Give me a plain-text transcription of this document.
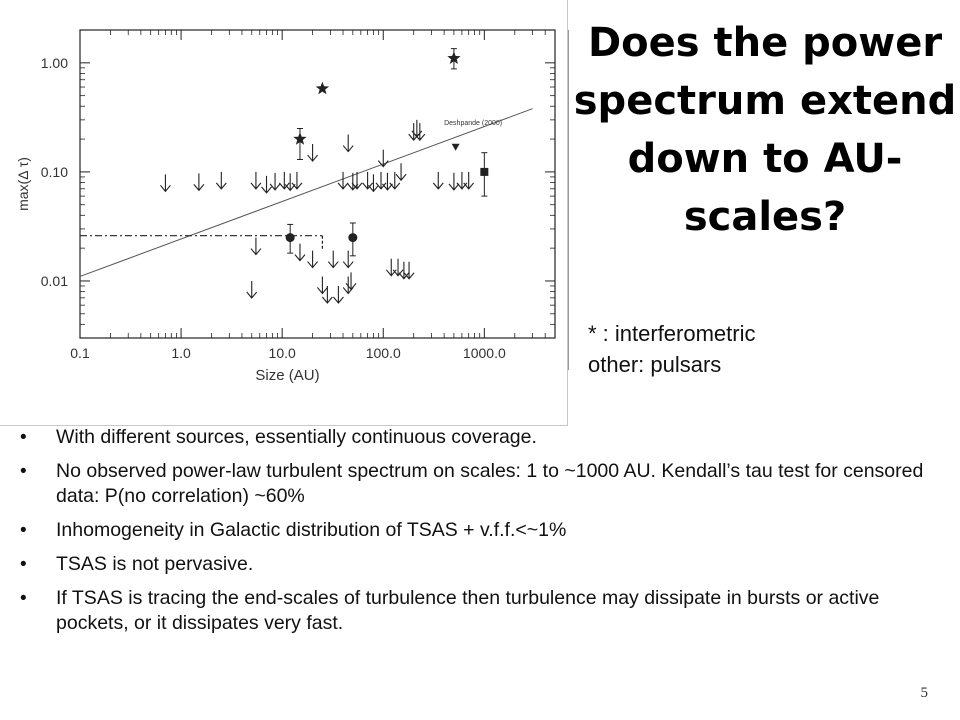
0.1	1.0	10.0	100.0	1000.0
0.01
0.10
1.00
Size (AU)
max(Δ τ)
Deshpande (2000)
Does the power spectrum extend down to AU-scales?
* : interferometric
other: pulsars
• With different sources, essentially continuous coverage.
• No observed power-law turbulent spectrum on scales: 1 to ~1000 AU. Kendall’s tau test for censored data: P(no correlation) ~60%
• Inhomogeneity in Galactic distribution of TSAS + v.f.f.<~1%
• TSAS is not pervasive.
• If TSAS is tracing the end-scales of turbulence then turbulence may dissipate in bursts or active pockets, or it dissipates very fast.
5
